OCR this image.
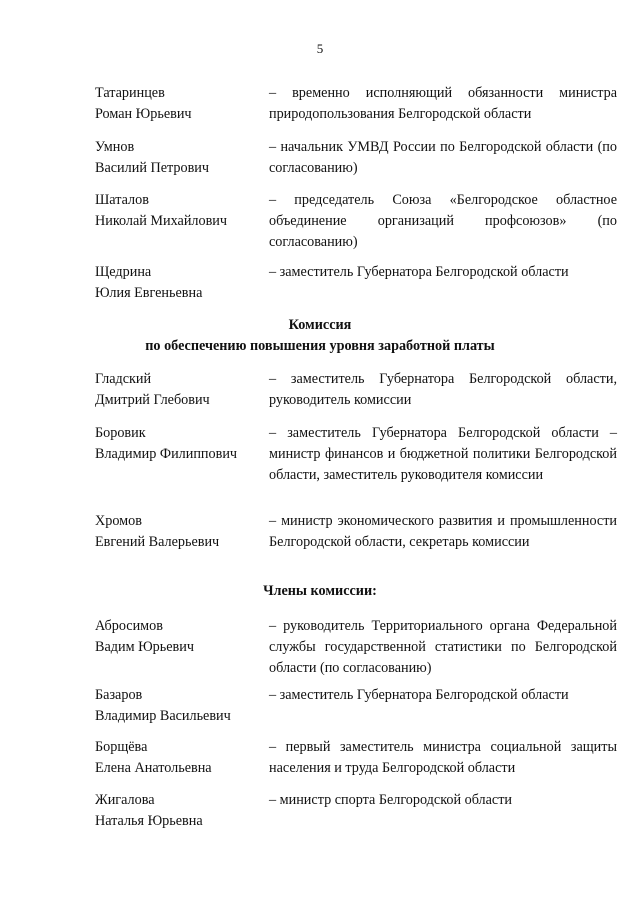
5
Татаринцев
Роман Юрьевич
– временно исполняющий обязанности министра природопользования Белгородской области
Умнов
Василий Петрович
– начальник УМВД России по Белгородской области (по согласованию)
Шаталов
Николай Михайлович
– председатель Союза «Белгородское областное объединение организаций профсоюзов» (по согласованию)
Щедрина
Юлия Евгеньевна
– заместитель Губернатора Белгородской области
Комиссия
по обеспечению повышения уровня заработной платы
Гладский
Дмитрий Глебович
– заместитель Губернатора Белгородской области, руководитель комиссии
Боровик
Владимир Филиппович
– заместитель Губернатора Белгородской области – министр финансов и бюджетной политики Белгородской области, заместитель руководителя комиссии
Хромов
Евгений Валерьевич
– министр экономического развития и промышленности Белгородской области, секретарь комиссии
Члены комиссии:
Абросимов
Вадим Юрьевич
– руководитель Территориального органа Федеральной службы государственной статистики по Белгородской области (по согласованию)
Базаров
Владимир Васильевич
– заместитель Губернатора Белгородской области
Борщёва
Елена Анатольевна
– первый заместитель министра социальной защиты населения и труда Белгородской области
Жигалова
Наталья Юрьевна
– министр спорта Белгородской области
